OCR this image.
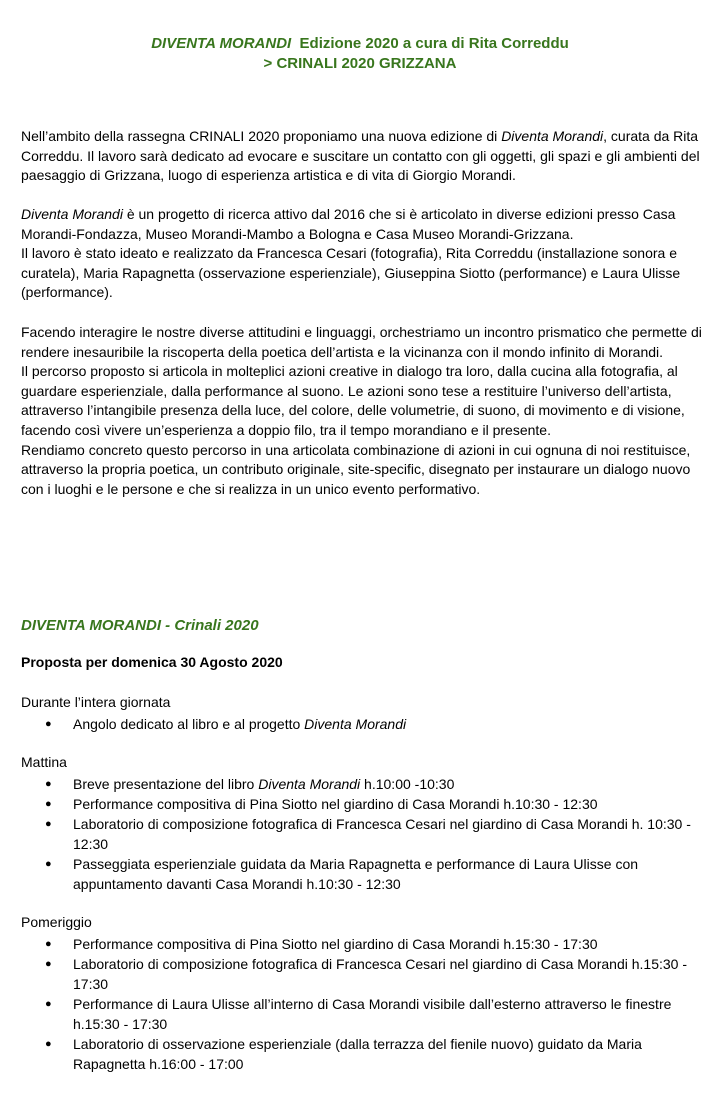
DIVENTA MORANDI  Edizione 2020 a cura di Rita Correddu
> CRINALI 2020 GRIZZANA

Nell’ambito della rassegna CRINALI 2020 proponiamo una nuova edizione di Diventa Morandi, curata da Rita Correddu. Il lavoro sarà dedicato ad evocare e suscitare un contatto con gli oggetti, gli spazi e gli ambienti del paesaggio di Grizzana, luogo di esperienza artistica e di vita di Giorgio Morandi.

Diventa Morandi è un progetto di ricerca attivo dal 2016 che si è articolato in diverse edizioni presso Casa Morandi-Fondazza, Museo Morandi-Mambo a Bologna e Casa Museo Morandi-Grizzana.

Il lavoro è stato ideato e realizzato da Francesca Cesari (fotografia), Rita Correddu (installazione sonora e curatela), Maria Rapagnetta (osservazione esperienziale), Giuseppina Siotto (performance) e Laura Ulisse (performance).

Facendo interagire le nostre diverse attitudini e linguaggi, orchestriamo un incontro prismatico che permette di rendere inesauribile la riscoperta della poetica dell’artista e la vicinanza con il mondo infinito di Morandi.

Il percorso proposto si articola in molteplici azioni creative in dialogo tra loro, dalla cucina alla fotografia, al guardare esperienziale, dalla performance al suono. Le azioni sono tese a restituire l’universo dell’artista, attraverso l’intangibile presenza della luce, del colore, delle volumetrie, di suono, di movimento e di visione, facendo così vivere un’esperienza a doppio filo, tra il tempo morandiano e il presente.

Rendiamo concreto questo percorso in una articolata combinazione di azioni in cui ognuna di noi restituisce, attraverso la propria poetica, un contributo originale, site-specific, disegnato per instaurare un dialogo nuovo con i luoghi e le persone e che si realizza in un unico evento performativo.

DIVENTA MORANDI - Crinali 2020
Proposta per domenica 30 Agosto 2020
Durante l’intera giornata
● Angolo dedicato al libro e al progetto Diventa Morandi
Mattina
● Breve presentazione del libro Diventa Morandi h.10:00 -10:30
● Performance compositiva di Pina Siotto nel giardino di Casa Morandi h.10:30 - 12:30
● Laboratorio di composizione fotografica di Francesca Cesari nel giardino di Casa Morandi h. 10:30 - 12:30
● Passeggiata esperienziale guidata da Maria Rapagnetta e performance di Laura Ulisse con appuntamento davanti Casa Morandi h.10:30 - 12:30
Pomeriggio
● Performance compositiva di Pina Siotto nel giardino di Casa Morandi h.15:30 - 17:30
● Laboratorio di composizione fotografica di Francesca Cesari nel giardino di Casa Morandi h.15:30 - 17:30
● Performance di Laura Ulisse all’interno di Casa Morandi visibile dall’esterno attraverso le finestre h.15:30 - 17:30
● Laboratorio di osservazione esperienziale (dalla terrazza del fienile nuovo) guidato da Maria Rapagnetta h.16:00 - 17:00
